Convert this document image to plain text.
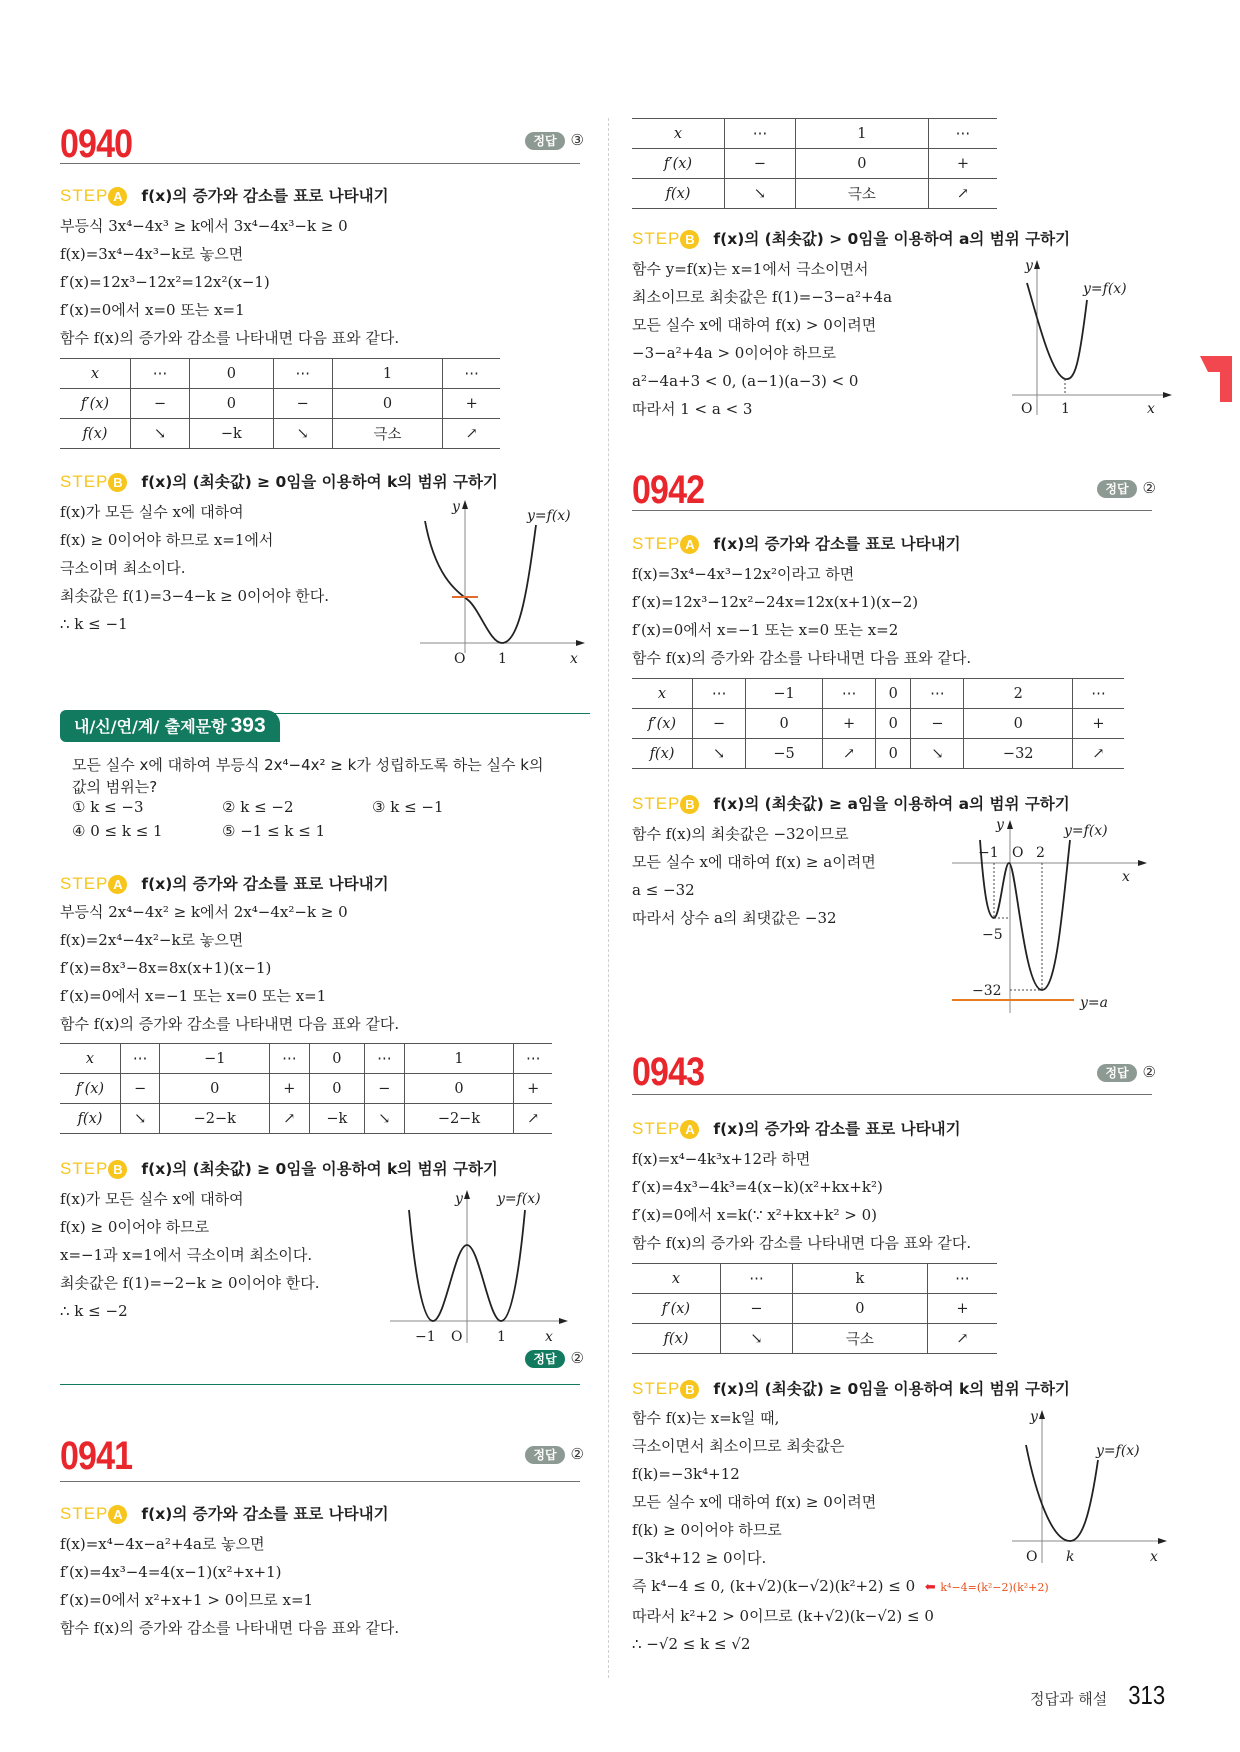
0940	정답 ③
STEP A f(x)의 증가와 감소를 표로 나타내기
부등식 3x⁴−4x³ ≥ k에서 3x⁴−4x³−k ≥ 0
f(x)=3x⁴−4x³−k로 놓으면
f′(x)=12x³−12x²=12x²(x−1)
f′(x)=0에서 x=0 또는 x=1
함수 f(x)의 증가와 감소를 나타내면 다음 표와 같다.
x	⋯	0	⋯	1	⋯
f′(x)	−	0	−	0	+
f(x)	↘	−k	↘	극소	↗
STEP B f(x)의 (최솟값) ≥ 0임을 이용하여 k의 범위 구하기
f(x)가 모든 실수 x에 대하여
f(x) ≥ 0이어야 하므로 x=1에서
극소이며 최소이다.
최솟값은 f(1)=3−4−k ≥ 0이어야 한다.
∴ k ≤ −1
y
y=f(x)
O 1	x
내/신/연/계/ 출제문항 393
모든 실수 x에 대하여 부등식 2x⁴−4x² ≥ k가 성립하도록 하는 실수 k의
값의 범위는?
① k ≤ −3	② k ≤ −2	③ k ≤ −1
④ 0 ≤ k ≤ 1	⑤ −1 ≤ k ≤ 1
STEP A f(x)의 증가와 감소를 표로 나타내기
부등식 2x⁴−4x² ≥ k에서 2x⁴−4x²−k ≥ 0
f(x)=2x⁴−4x²−k로 놓으면
f′(x)=8x³−8x=8x(x+1)(x−1)
f′(x)=0에서 x=−1 또는 x=0 또는 x=1
함수 f(x)의 증가와 감소를 나타내면 다음 표와 같다.
x	⋯	−1	⋯	0	⋯	1	⋯
f′(x)	−	0	+	0	−	0	+
f(x)	↘	−2−k	↗	−k	↘	−2−k	↗
STEP B f(x)의 (최솟값) ≥ 0임을 이용하여 k의 범위 구하기
f(x)가 모든 실수 x에 대하여
f(x) ≥ 0이어야 하므로
x=−1과 x=1에서 극소이며 최소이다.
최솟값은 f(1)=−2−k ≥ 0이어야 한다.
∴ k ≤ −2
y y=f(x)
−1 O 1	x
정답 ②
0941	정답 ②
STEP A f(x)의 증가와 감소를 표로 나타내기
f(x)=x⁴−4x−a²+4a로 놓으면
f′(x)=4x³−4=4(x−1)(x²+x+1)
f′(x)=0에서 x²+x+1 > 0이므로 x=1
함수 f(x)의 증가와 감소를 나타내면 다음 표와 같다.
x	⋯	1	⋯
f′(x)	−	0	+
f(x)	↘	극소	↗
STEP B f(x)의 (최솟값) > 0임을 이용하여 a의 범위 구하기
함수 y=f(x)는 x=1에서 극소이면서
최소이므로 최솟값은 f(1)=−3−a²+4a
모든 실수 x에 대하여 f(x) > 0이려면
−3−a²+4a > 0이어야 하므로
a²−4a+3 < 0, (a−1)(a−3) < 0
따라서 1 < a < 3
y
y=f(x)
O 1	x
0942	정답 ②
STEP A f(x)의 증가와 감소를 표로 나타내기
f(x)=3x⁴−4x³−12x²이라고 하면
f′(x)=12x³−12x²−24x=12x(x+1)(x−2)
f′(x)=0에서 x=−1 또는 x=0 또는 x=2
함수 f(x)의 증가와 감소를 나타내면 다음 표와 같다.
x	⋯	−1	⋯	0	⋯	2	⋯
f′(x)	−	0	+	0	−	0	+
f(x)	↘	−5	↗	0	↘	−32	↗
STEP B f(x)의 (최솟값) ≥ a임을 이용하여 a의 범위 구하기
함수 f(x)의 최솟값은 −32이므로
모든 실수 x에 대하여 f(x) ≥ a이려면
a ≤ −32
따라서 상수 a의 최댓값은 −32
y	y=f(x)
−1 O 2
x
−5
−32
y=a
0943	정답 ②
STEP A f(x)의 증가와 감소를 표로 나타내기
f(x)=x⁴−4k³x+12라 하면
f′(x)=4x³−4k³=4(x−k)(x²+kx+k²)
f′(x)=0에서 x=k(∵ x²+kx+k² > 0)
함수 f(x)의 증가와 감소를 나타내면 다음 표와 같다.
x	⋯	k	⋯
f′(x)	−	0	+
f(x)	↘	극소	↗
STEP B f(x)의 (최솟값) ≥ 0임을 이용하여 k의 범위 구하기
함수 f(x)는 x=k일 때,
극소이면서 최소이므로 최솟값은
f(k)=−3k⁴+12
모든 실수 x에 대하여 f(x) ≥ 0이려면
f(k) ≥ 0이어야 하므로
−3k⁴+12 ≥ 0이다.
즉 k⁴−4 ≤ 0, (k+√2)(k−√2)(k²+2) ≤ 0 ⬅ k⁴−4=(k²−2)(k²+2)
따라서 k²+2 > 0이므로 (k+√2)(k−√2) ≤ 0
∴ −√2 ≤ k ≤ √2
y
y=f(x)
O k	x
정답과 해설 313
